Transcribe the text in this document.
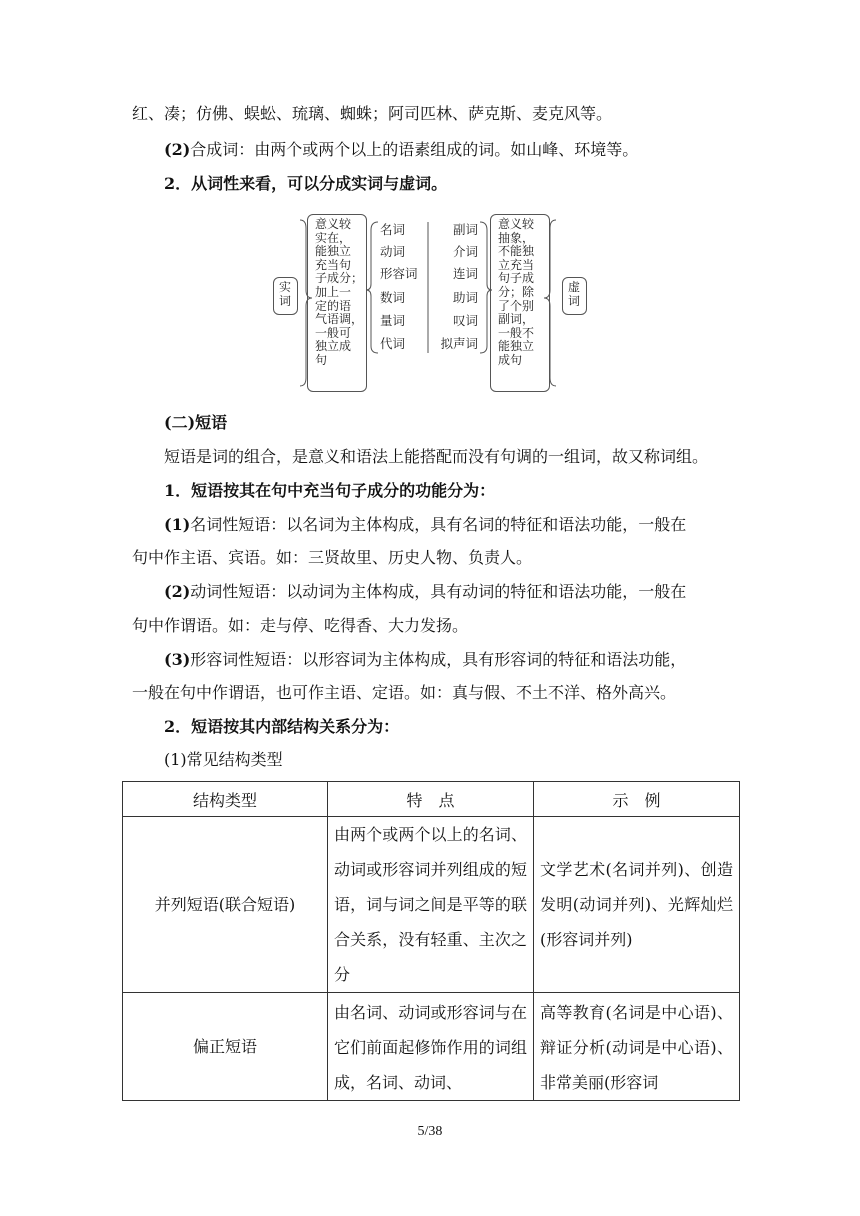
红、凑；仿佛、蜈蚣、琉璃、蜘蛛；阿司匹林、萨克斯、麦克风等。
(2)合成词：由两个或两个以上的语素组成的词。如山峰、环境等。
2．从词性来看，可以分成实词与虚词。
实
词
意义较
实在，
能独立
充当句
子成分；
加上一
定的语
气语调，
一般可
独立成
句
名词
动词
形容词
数词
量词
代词
副词
介词
连词
助词
叹词
拟声词
意义较
抽象，
不能独
立充当
句子成
分；除
了个别
副词，
一般不
能独立
成句
虚
词
(二)短语
短语是词的组合，是意义和语法上能搭配而没有句调的一组词，故又称词组。
1．短语按其在句中充当句子成分的功能分为：
(1)名词性短语：以名词为主体构成，具有名词的特征和语法功能，一般在
句中作主语、宾语。如：三贤故里、历史人物、负责人。
(2)动词性短语：以动词为主体构成，具有动词的特征和语法功能，一般在
句中作谓语。如：走与停、吃得香、大力发扬。
(3)形容词性短语：以形容词为主体构成，具有形容词的特征和语法功能，
一般在句中作谓语，也可作主语、定语。如：真与假、不土不洋、格外高兴。
2．短语按其内部结构关系分为：
(1)常见结构类型
结构类型	特　点	示　例
并列短语(联合短语)	由两个或两个以上的名词、动词或形容词并列组成的短语，词与词之间是平等的联合关系，没有轻重、主次之分	文学艺术(名词并列)、创造发明(动词并列)、光辉灿烂(形容词并列)
偏正短语	由名词、动词或形容词与在它们前面起修饰作用的词组成，名词、动词、	高等教育(名词是中心语)、辩证分析(动词是中心语)、非常美丽(形容词
5/38
